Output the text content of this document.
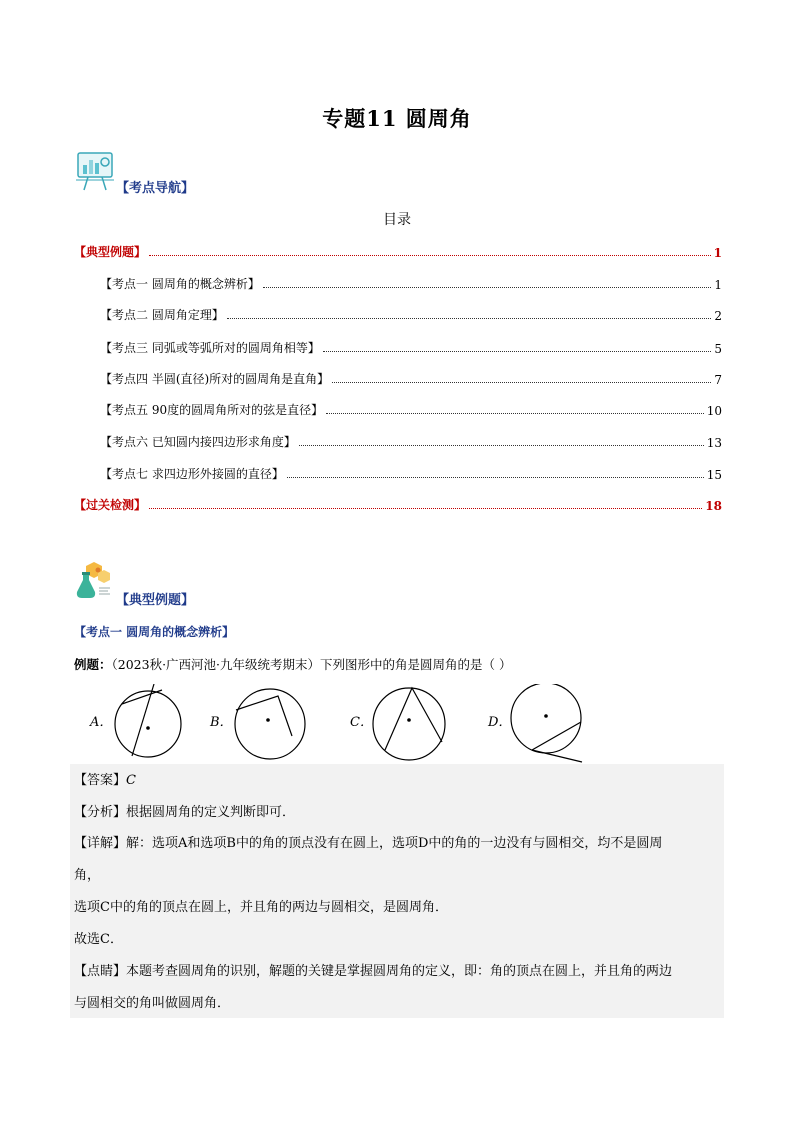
专题11 圆周角
【考点导航】
目录
【典型例题】	1
【考点一 圆周角的概念辨析】	1
【考点二 圆周角定理】	2
【考点三 同弧或等弧所对的圆周角相等】	5
【考点四 半圆(直径)所对的圆周角是直角】	7
【考点五 90度的圆周角所对的弦是直径】	10
【考点六 已知圆内接四边形求角度】	13
【考点七 求四边形外接圆的直径】	15
【过关检测】	18
【典型例题】
【考点一 圆周角的概念辨析】
例题：（2023秋·广西河池·九年级统考期末）下列图形中的角是圆周角的是（ ）
A．	B．	C．	D．
【答案】C
【分析】根据圆周角的定义判断即可．
【详解】解：选项A和选项B中的角的顶点没有在圆上，选项D中的角的一边没有与圆相交，均不是圆周
角，
选项C中的角的顶点在圆上，并且角的两边与圆相交，是圆周角．
故选C．
【点睛】本题考查圆周角的识别，解题的关键是掌握圆周角的定义，即：角的顶点在圆上，并且角的两边
与圆相交的角叫做圆周角．
